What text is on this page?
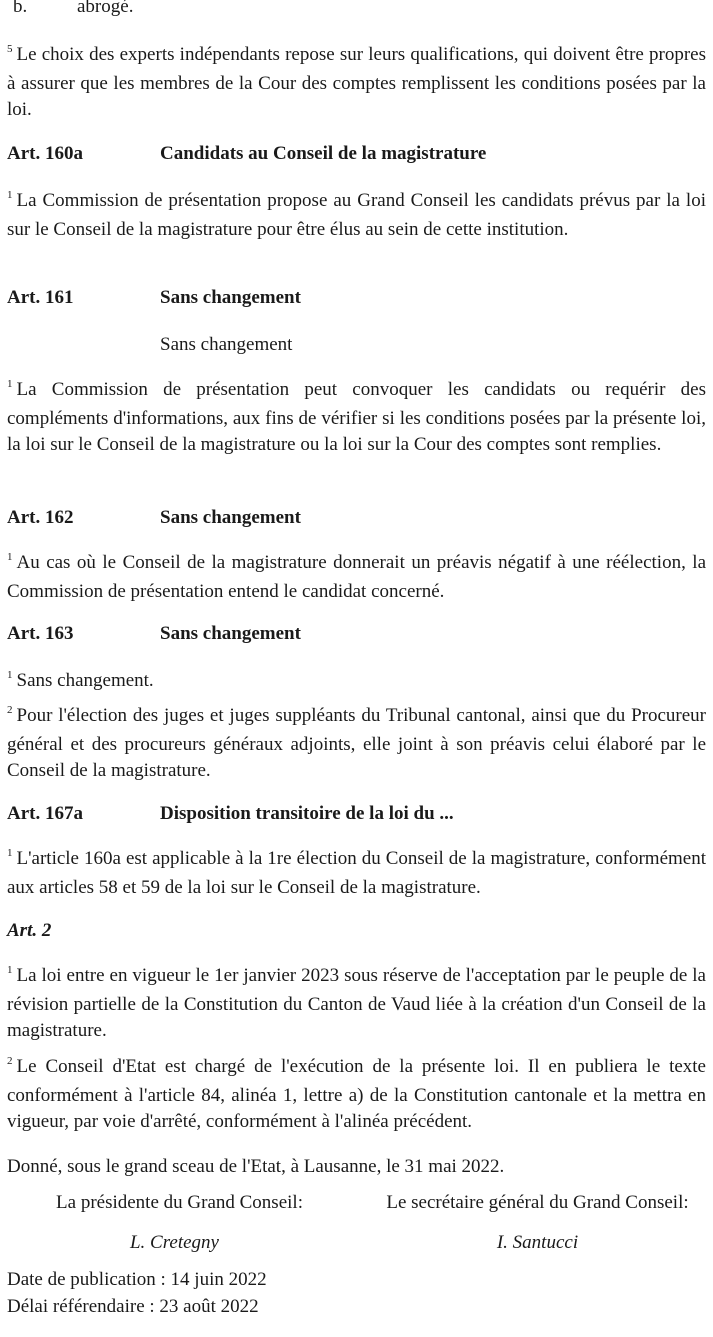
b.	abrogé.

$^5$ Le choix des experts indépendants repose sur leurs qualifications, qui doivent être propres à assurer que les membres de la Cour des comptes remplissent les conditions posées par la loi.

Art. 160a	Candidats au Conseil de la magistrature

$^1$ La Commission de présentation propose au Grand Conseil les candidats prévus par la loi sur le Conseil de la magistrature pour être élus au sein de cette institution.

Art. 161	Sans changement
Sans changement

$^1$ La Commission de présentation peut convoquer les candidats ou requérir des compléments d'informations, aux fins de vérifier si les conditions posées par la présente loi, la loi sur le Conseil de la magistrature ou la loi sur la Cour des comptes sont remplies.

Art. 162	Sans changement

$^1$ Au cas où le Conseil de la magistrature donnerait un préavis négatif à une réélection, la Commission de présentation entend le candidat concerné.

Art. 163	Sans changement

$^1$ Sans changement.

$^2$ Pour l'élection des juges et juges suppléants du Tribunal cantonal, ainsi que du Procureur général et des procureurs généraux adjoints, elle joint à son préavis celui élaboré par le Conseil de la magistrature.

Art. 167a	Disposition transitoire de la loi du ...

$^1$ L'article 160a est applicable à la 1re élection du Conseil de la magistrature, conformément aux articles 58 et 59 de la loi sur le Conseil de la magistrature.

Art. 2

$^1$ La loi entre en vigueur le 1er janvier 2023 sous réserve de l'acceptation par le peuple de la révision partielle de la Constitution du Canton de Vaud liée à la création d'un Conseil de la magistrature.

$^2$ Le Conseil d'Etat est chargé de l'exécution de la présente loi. Il en publiera le texte conformément à l'article 84, alinéa 1, lettre a) de la Constitution cantonale et la mettra en vigueur, par voie d'arrêté, conformément à l'alinéa précédent.

Donné, sous le grand sceau de l'Etat, à Lausanne, le 31 mai 2022.
La présidente du Grand Conseil:	Le secrétaire général du Grand Conseil:
L. Cretegny	I. Santucci
Date de publication : 14 juin 2022
Délai référendaire : 23 août 2022
